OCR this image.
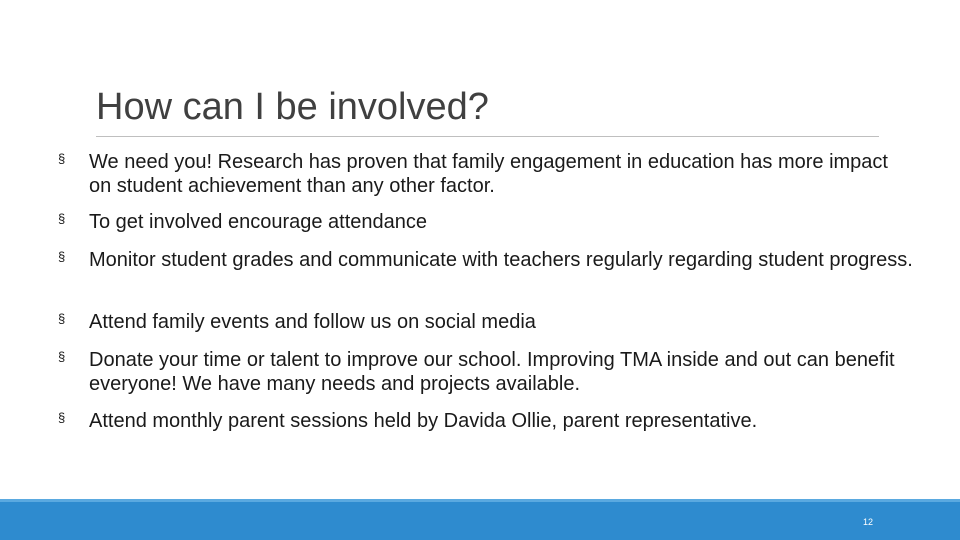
How can I be involved?
§ We need you! Research has proven that family engagement in education has more impact on student achievement than any other factor.
§ To get involved encourage attendance
§ Monitor student grades and communicate with teachers regularly regarding student progress.
§ Attend family events and follow us on social media
§ Donate your time or talent to improve our school. Improving TMA inside and out can benefit everyone! We have many needs and projects available.
§ Attend monthly parent sessions held by Davida Ollie, parent representative.
12
